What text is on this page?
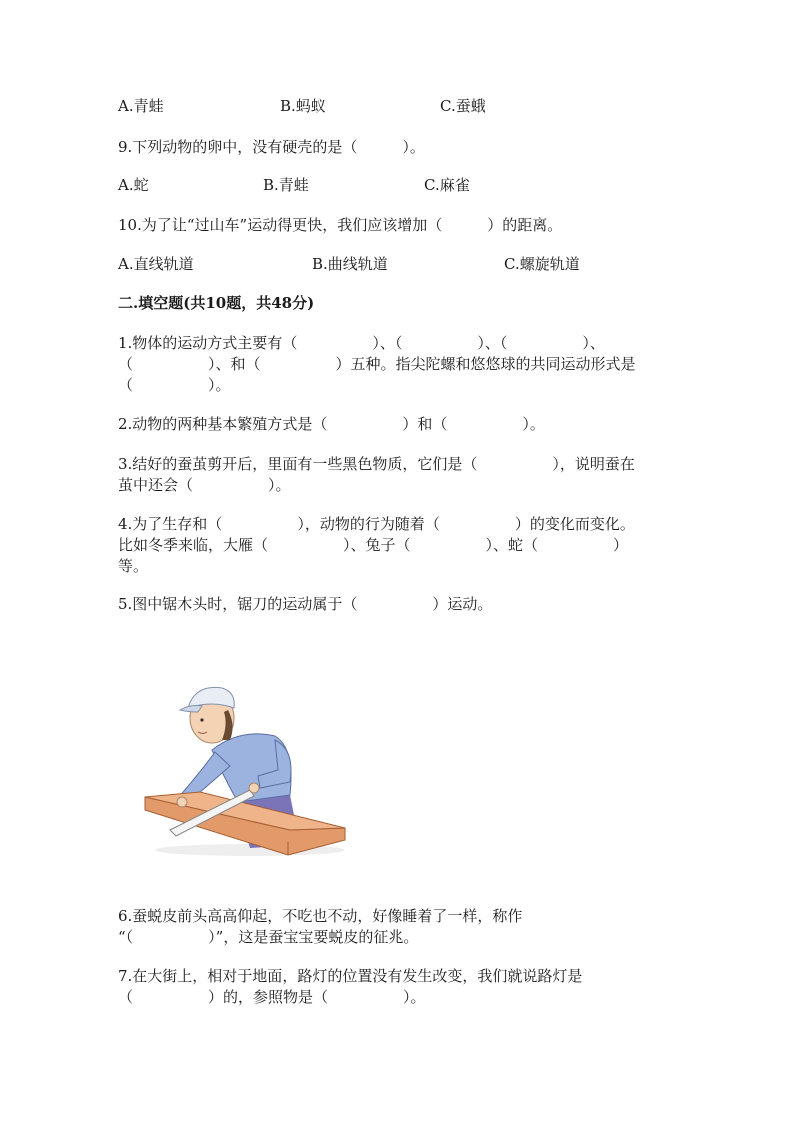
A.青蛙	B.蚂蚁	C.蚕蛾
9.下列动物的卵中，没有硬壳的是（　　　）。
A.蛇	B.青蛙	C.麻雀
10.为了让“过山车”运动得更快，我们应该增加（　　　）的距离。
A.直线轨道	B.曲线轨道	C.螺旋轨道
二.填空题(共10题，共48分)
1.物体的运动方式主要有（　　　　　）、（　　　　　）、（　　　　　）、
（　　　　　）、和（　　　　　）五种。指尖陀螺和悠悠球的共同运动形式是
（　　　　　）。
2.动物的两种基本繁殖方式是（　　　　　）和（　　　　　）。
3.结好的蚕茧剪开后，里面有一些黑色物质，它们是（　　　　　），说明蚕在
茧中还会（　　　　　）。
4.为了生存和（　　　　　），动物的行为随着（　　　　　）的变化而变化。
比如冬季来临，大雁（　　　　　）、兔子（　　　　　）、蛇（　　　　　）
等。
5.图中锯木头时，锯刀的运动属于（　　　　　）运动。
6.蚕蜕皮前头高高仰起，不吃也不动，好像睡着了一样，称作
“（　　　　　）”，这是蚕宝宝要蜕皮的征兆。
7.在大街上，相对于地面，路灯的位置没有发生改变，我们就说路灯是
（　　　　　）的，参照物是（　　　　　）。
